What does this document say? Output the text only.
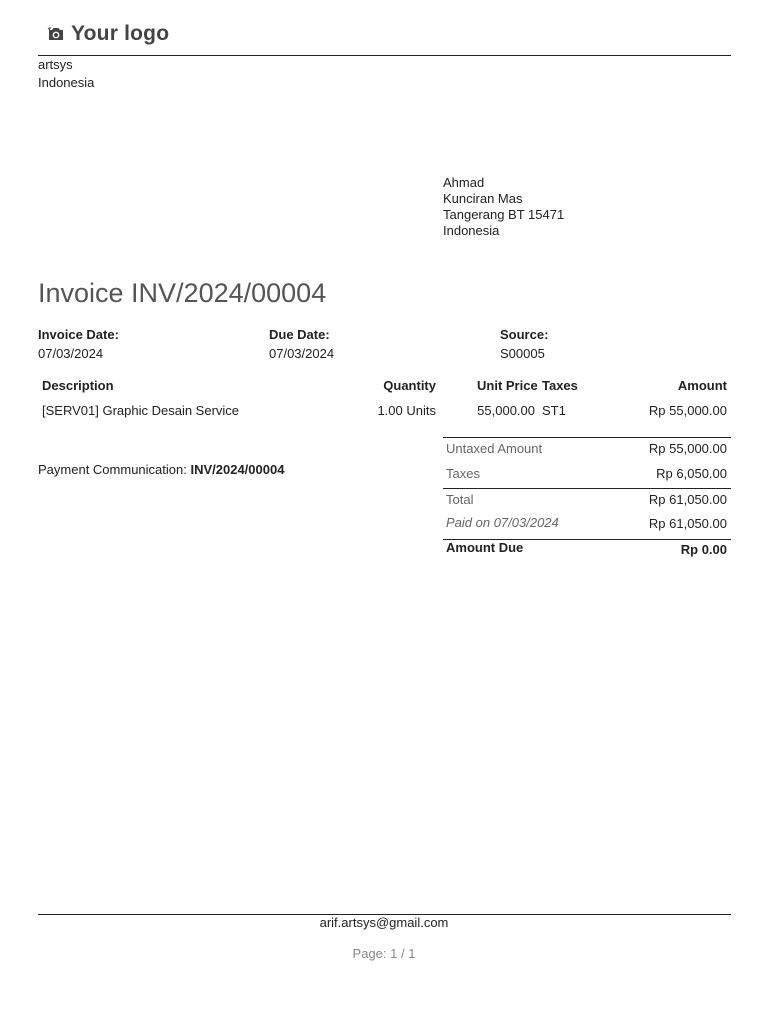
Your logo
artsys
Indonesia
Ahmad
Kunciran Mas
Tangerang BT 15471
Indonesia
Invoice INV/2024/00004
Invoice Date:
07/03/2024
Due Date:
07/03/2024
Source:
S00005
Description	Quantity	Unit Price Taxes	Amount
[SERV01] Graphic Desain Service	1.00 Units	55,000.00 ST1	Rp 55,000.00
Untaxed Amount	Rp 55,000.00
Taxes	Rp 6,050.00
Total	Rp 61,050.00
Paid on 07/03/2024	Rp 61,050.00
Amount Due	Rp 0.00
Payment Communication: INV/2024/00004
arif.artsys@gmail.com
Page: 1 / 1
